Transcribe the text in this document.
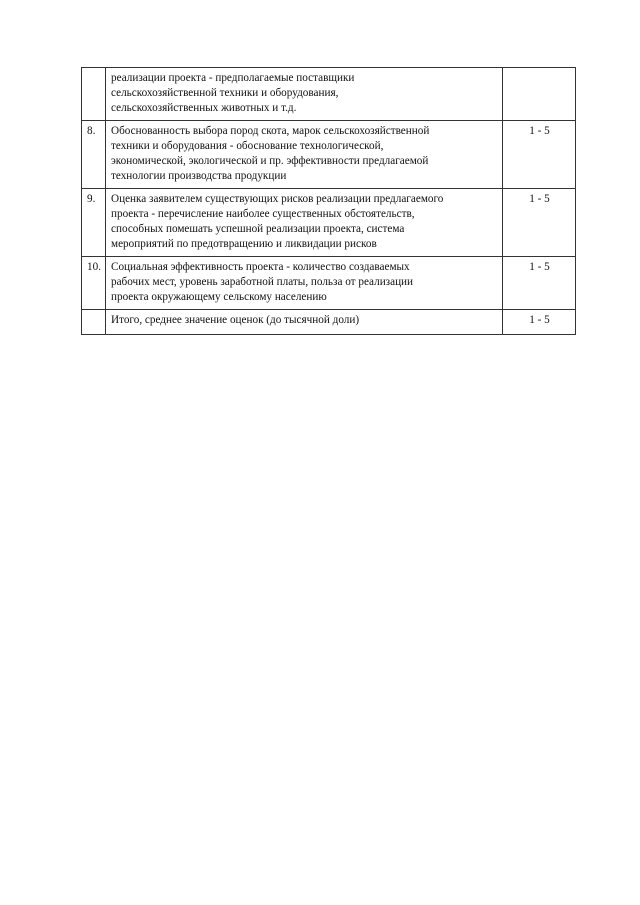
	реализации проекта - предполагаемые поставщики
сельскохозяйственной техники и оборудования,
сельскохозяйственных животных и т.д.	

8.	Обоснованность выбора пород скота, марок сельскохозяйственной
техники и оборудования - обоснование технологической,
экономической, экологической и пр. эффективности предлагаемой
технологии производства продукции	1 - 5
9.	Оценка заявителем существующих рисков реализации предлагаемого
проекта - перечисление наиболее существенных обстоятельств,
способных помешать успешной реализации проекта, система
мероприятий по предотвращению и ликвидации рисков	1 - 5
10.	Социальная эффективность проекта - количество создаваемых
рабочих мест, уровень заработной платы, польза от реализации
проекта окружающему сельскому населению	1 - 5

	Итого, среднее значение оценок (до тысячной доли)	1 - 5
